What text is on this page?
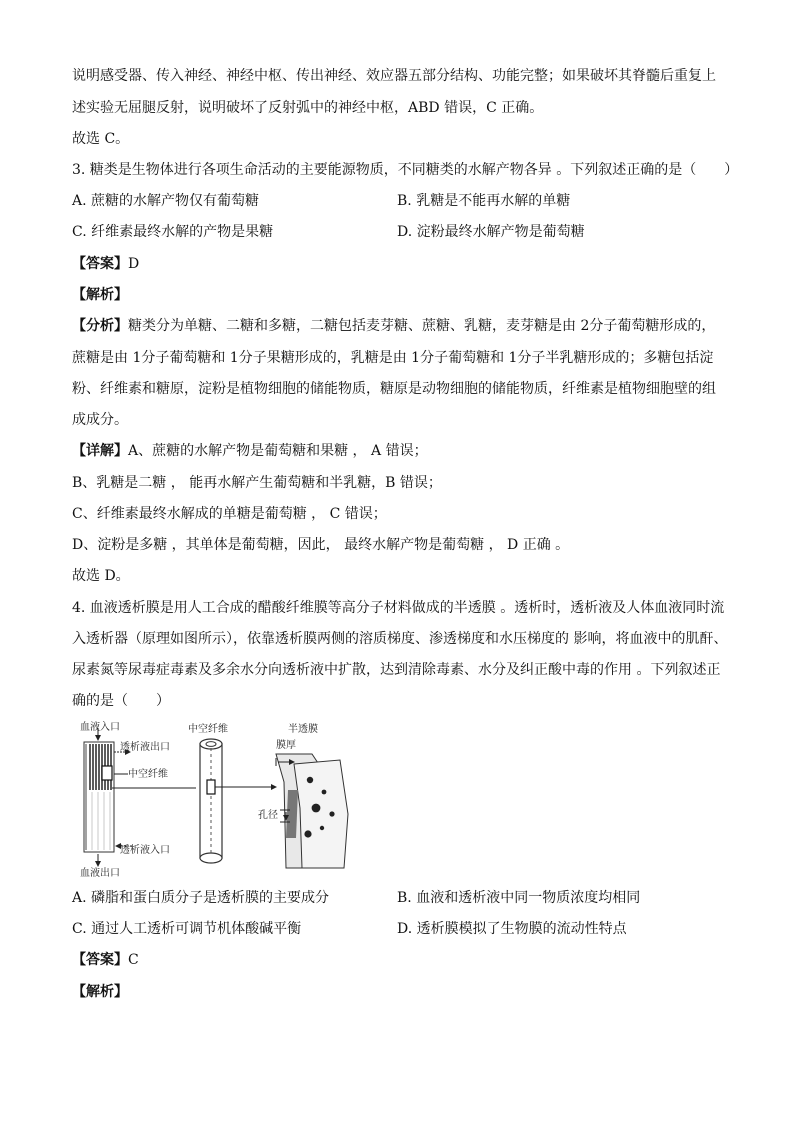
说明感受器、传入神经、神经中枢、传出神经、效应器五部分结构、功能完整；如果破坏其脊髓后重复上
述实验无屈腿反射，说明破坏了反射弧中的神经中枢，ABD 错误，C 正确。
故选 C。
3. 糖类是生物体进行各项生命活动的主要能源物质，不同糖类的水解产物各异 。下列叙述正确的是（　　）
A. 蔗糖的水解产物仅有葡萄糖	B. 乳糖是不能再水解的单糖
C. 纤维素最终水解的产物是果糖	D. 淀粉最终水解产物是葡萄糖
【答案】D
【解析】
【分析】糖类分为单糖、二糖和多糖，二糖包括麦芽糖、蔗糖、乳糖，麦芽糖是由 2分子葡萄糖形成的，
蔗糖是由 1分子葡萄糖和 1分子果糖形成的，乳糖是由 1分子葡萄糖和 1分子半乳糖形成的；多糖包括淀
粉、纤维素和糖原，淀粉是植物细胞的储能物质，糖原是动物细胞的储能物质，纤维素是植物细胞壁的组
成成分。
【详解】A、蔗糖的水解产物是葡萄糖和果糖 ， A 错误；
B、乳糖是二糖 ， 能再水解产生葡萄糖和半乳糖，B 错误；
C、纤维素最终水解成的单糖是葡萄糖 ， C 错误；
D、淀粉是多糖 ，其单体是葡萄糖，因此， 最终水解产物是葡萄糖 ， D 正确 。
故选 D。
4. 血液透析膜是用人工合成的醋酸纤维膜等高分子材料做成的半透膜 。透析时，透析液及人体血液同时流
入透析器（原理如图所示），依靠透析膜两侧的溶质梯度、渗透梯度和水压梯度的 影响，将血液中的肌酐、
尿素氮等尿毒症毒素及多余水分向透析液中扩散，达到清除毒素、水分及纠正酸中毒的作用 。下列叙述正
确的是（　　）
血液入口
透析液出口
中空纤维
透析液入口
血液出口
中空纤维	半透膜
膜厚
孔径
A. 磷脂和蛋白质分子是透析膜的主要成分	B. 血液和透析液中同一物质浓度均相同
C. 通过人工透析可调节机体酸碱平衡	D. 透析膜模拟了生物膜的流动性特点
【答案】C
【解析】
